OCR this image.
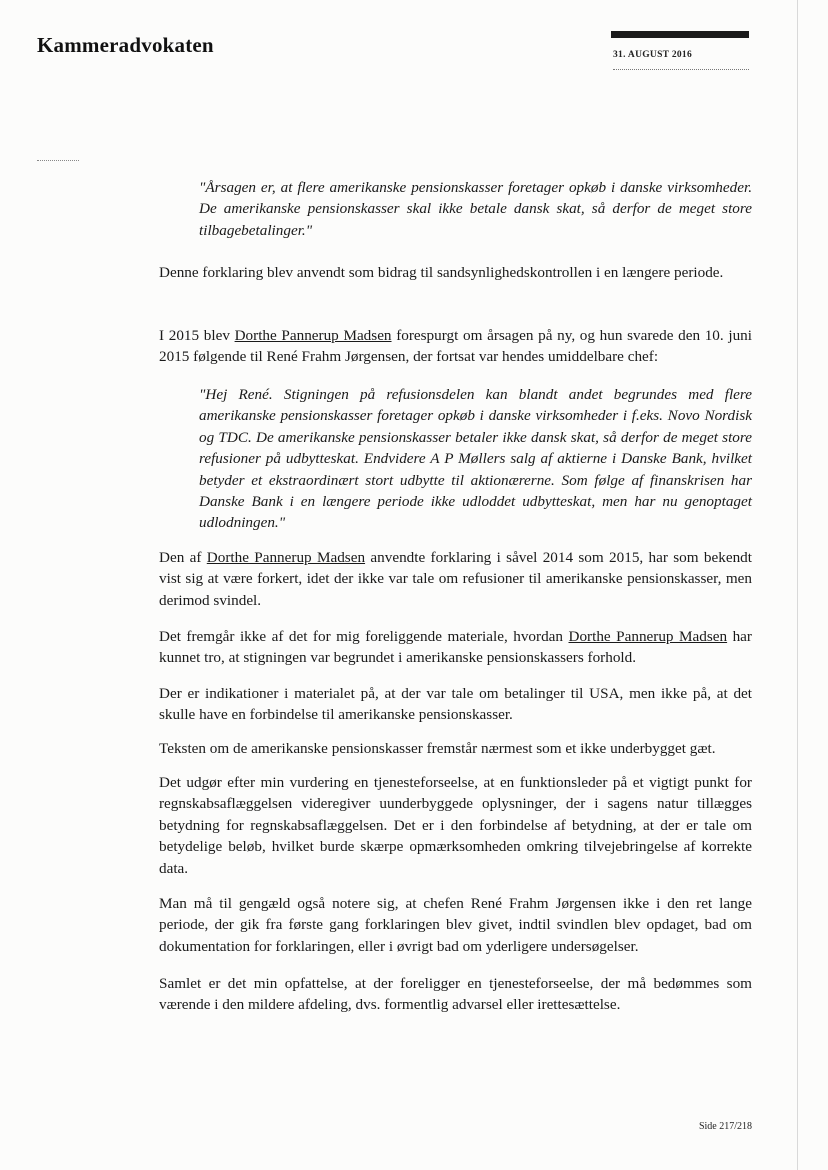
Kammeradvokaten	31. AUGUST 2016

"Årsagen er, at flere amerikanske pensionskasser foretager opkøb i danske virksomheder. De amerikanske pensionskasser skal ikke betale dansk skat, så derfor de meget store tilbagebetalinger."

Denne forklaring blev anvendt som bidrag til sandsynlighedskontrollen i en længere periode.

I 2015 blev Dorthe Pannerup Madsen forespurgt om årsagen på ny, og hun svarede den 10. juni 2015 følgende til René Frahm Jørgensen, der fortsat var hendes umiddelbare chef:

"Hej René. Stigningen på refusionsdelen kan blandt andet begrundes med flere amerikanske pensionskasser foretager opkøb i danske virksomheder i f.eks. Novo Nordisk og TDC. De amerikanske pensionskasser betaler ikke dansk skat, så derfor de meget store refusioner på udbytteskat. Endvidere A P Møllers salg af aktierne i Danske Bank, hvilket betyder et ekstraordinært stort udbytte til aktionærerne. Som følge af finanskrisen har Danske Bank i en længere periode ikke udloddet udbytteskat, men har nu genoptaget udlodningen."

Den af Dorthe Pannerup Madsen anvendte forklaring i såvel 2014 som 2015, har som bekendt vist sig at være forkert, idet der ikke var tale om refusioner til amerikanske pensionskasser, men derimod svindel.

Det fremgår ikke af det for mig foreliggende materiale, hvordan Dorthe Pannerup Madsen har kunnet tro, at stigningen var begrundet i amerikanske pensionskassers forhold.

Der er indikationer i materialet på, at der var tale om betalinger til USA, men ikke på, at det skulle have en forbindelse til amerikanske pensionskasser.

Teksten om de amerikanske pensionskasser fremstår nærmest som et ikke underbygget gæt.

Det udgør efter min vurdering en tjenesteforseelse, at en funktionsleder på et vigtigt punkt for regnskabsaflæggelsen videregiver uunderbyggede oplysninger, der i sagens natur tillægges betydning for regnskabsaflæggelsen. Det er i den forbindelse af betydning, at der er tale om betydelige beløb, hvilket burde skærpe opmærksomheden omkring tilvejebringelse af korrekte data.

Man må til gengæld også notere sig, at chefen René Frahm Jørgensen ikke i den ret lange periode, der gik fra første gang forklaringen blev givet, indtil svindlen blev opdaget, bad om dokumentation for forklaringen, eller i øvrigt bad om yderligere undersøgelser.

Samlet er det min opfattelse, at der foreligger en tjenesteforseelse, der må bedømmes som værende i den mildere afdeling, dvs. formentlig advarsel eller irettesættelse.

Side 217/218
